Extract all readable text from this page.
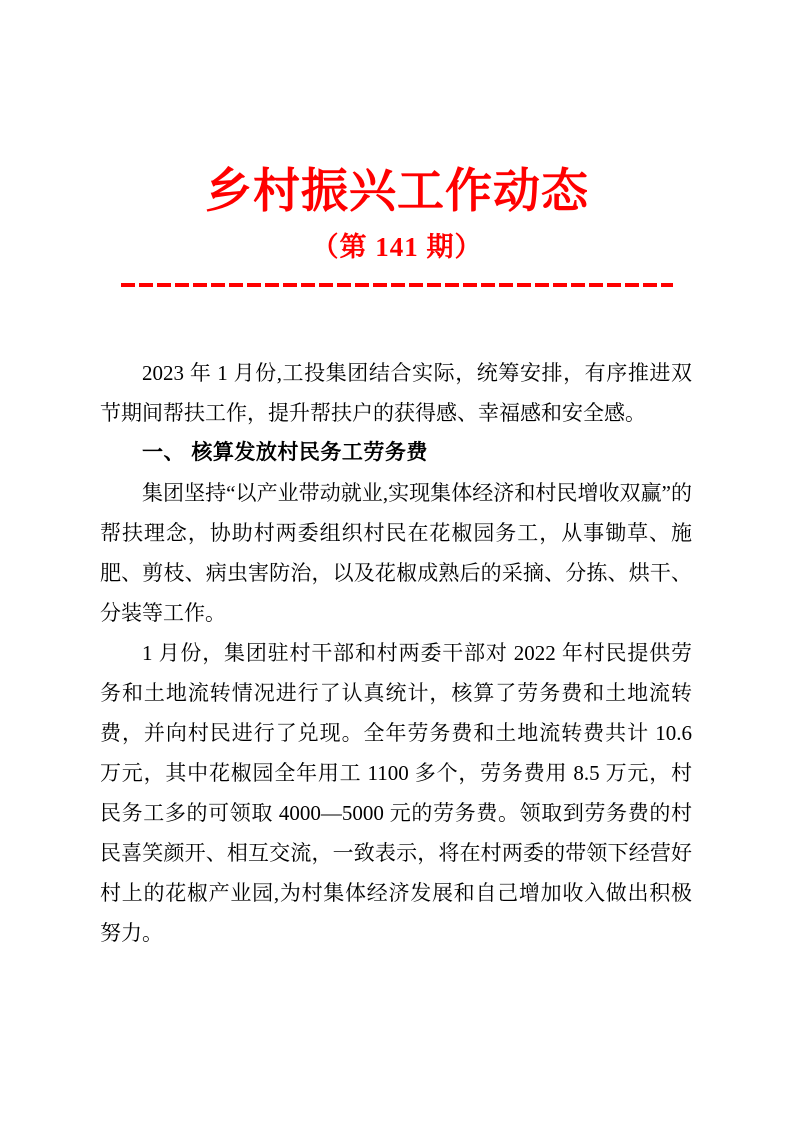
乡村振兴工作动态
（第 141 期）

2023 年 1 月份,工投集团结合实际，统筹安排，有序推进双节期间帮扶工作，提升帮扶户的获得感、幸福感和安全感。

一、 核算发放村民务工劳务费

集团坚持“以产业带动就业,实现集体经济和村民增收双赢”的帮扶理念，协助村两委组织村民在花椒园务工，从事锄草、施肥、剪枝、病虫害防治，以及花椒成熟后的采摘、分拣、烘干、分装等工作。

1 月份，集团驻村干部和村两委干部对 2022 年村民提供劳务和土地流转情况进行了认真统计，核算了劳务费和土地流转费，并向村民进行了兑现。全年劳务费和土地流转费共计 10.6 万元，其中花椒园全年用工 1100 多个，劳务费用 8.5 万元，村民务工多的可领取 4000—5000 元的劳务费。领取到劳务费的村民喜笑颜开、相互交流，一致表示，将在村两委的带领下经营好村上的花椒产业园,为村集体经济发展和自己增加收入做出积极努力。
